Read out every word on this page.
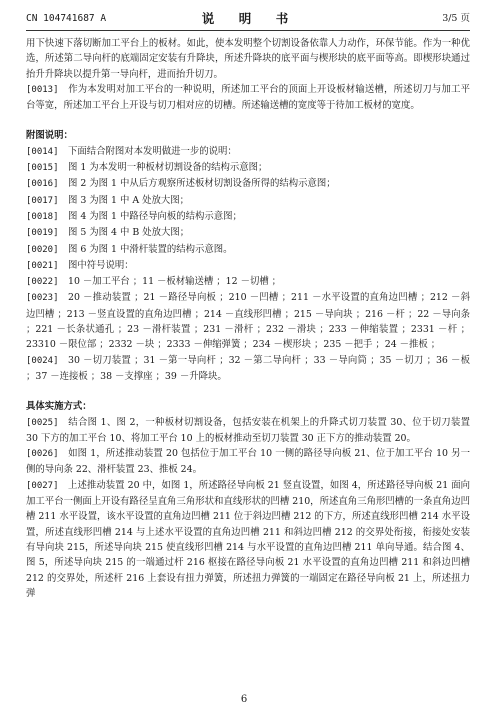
CN 104741687 A	说　明　书	3/5 页

用下快速下落切断加工平台上的板材。如此，使本发明整个切割设备依靠人力动作，环保节能。作为一种优选，所述第二导向杆的底端固定安装有升降块，所述升降块的底平面与楔形块的底平面等高。即楔形块通过抬升升降块以提升第一导向杆，进而抬升切刀。

[0013] 作为本发明对加工平台的一种说明，所述加工平台的顶面上开设板材输送槽，所述切刀与加工平台等宽，所述加工平台上开设与切刀相对应的切槽。所述输送槽的宽度等于待加工板材的宽度。

附图说明：

[0014] 下面结合附图对本发明做进一步的说明：

[0015] 图 1 为本发明一种板材切割设备的结构示意图；

[0016] 图 2 为图 1 中从后方观察所述板材切割设备所得的结构示意图；

[0017] 图 3 为图 1 中 A 处放大图；

[0018] 图 4 为图 1 中路径导向板的结构示意图；

[0019] 图 5 为图 4 中 B 处放大图；

[0020] 图 6 为图 1 中滑杆装置的结构示意图。

[0021] 图中符号说明：

[0022] 10 －加工平台 ；11 －板材输送槽 ；12 －切槽 ；

[0023] 20 －推动装置 ；21 －路径导向板 ；210 －凹槽 ；211 －水平设置的直角边凹槽 ；212 －斜边凹槽 ；213 －竖直设置的直角边凹槽 ；214 －直线形凹槽 ；215 －导向块 ；216 －杆 ；22 －导向条 ；221 －长条状通孔 ；23 －滑杆装置 ；231 －滑杆 ；232 －滑块 ；233 －伸缩装置 ；2331 －杆 ；23310 －限位部 ；2332 －块 ；2333 －伸缩弹簧 ；234 －楔形块 ；235 －把手 ；24 －推板 ；

[0024] 30 －切刀装置 ；31 －第一导向杆 ；32 －第二导向杆 ；33 －导向筒 ；35 －切刀 ；36 －板 ；37 －连接板 ；38 －支撑座 ；39 －升降块。

具体实施方式：

[0025] 结合图 1、图 2，一种板材切割设备，包括安装在机架上的升降式切刀装置 30、位于切刀装置 30 下方的加工平台 10、将加工平台 10 上的板材推动至切刀装置 30 正下方的推动装置 20。

[0026] 如图 1，所述推动装置 20 包括位于加工平台 10 一侧的路径导向板 21、位于加工平台 10 另一侧的导向条 22、滑杆装置 23、推板 24。

[0027] 上述推动装置 20 中，如图 1，所述路径导向板 21 竖直设置，如图 4，所述路径导向板 21 面向加工平台一侧面上开设有路径呈直角三角形状和直线形状的凹槽 210，所述直角三角形凹槽的一条直角边凹槽 211 水平设置，该水平设置的直角边凹槽 211 位于斜边凹槽 212 的下方，所述直线形凹槽 214 水平设置，所述直线形凹槽 214 与上述水平设置的直角边凹槽 211 和斜边凹槽 212 的交界处衔接，衔接处安装有导向块 215，所述导向块 215 使直线形凹槽 214 与水平设置的直角边凹槽 211 单向导通。结合图 4、图 5，所述导向块 215 的一端通过杆 216 枢接在路径导向板 21 水平设置的直角边凹槽 211 和斜边凹槽 212 的交界处，所述杆 216 上套设有扭力弹簧，所述扭力弹簧的一端固定在路径导向板 21 上，所述扭力弹

6
